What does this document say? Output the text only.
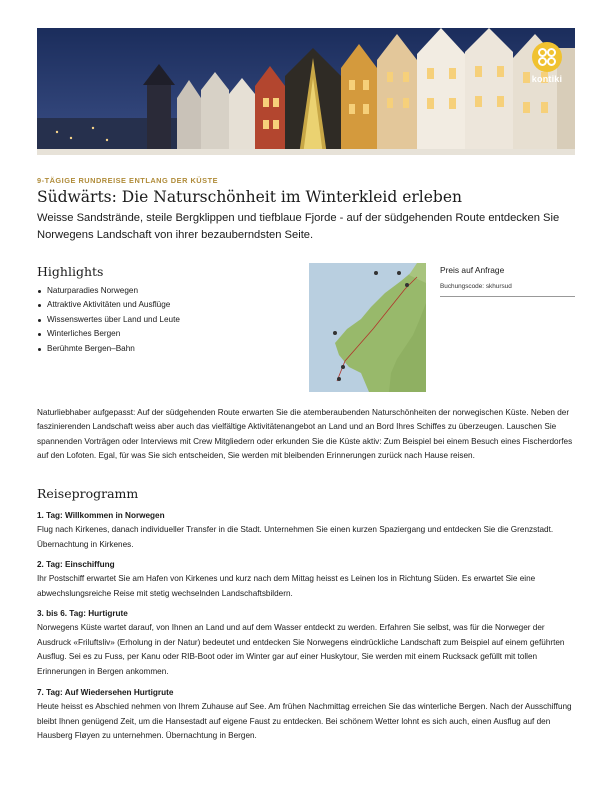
kontiki
9-TÄGIGE RUNDREISE ENTLANG DER KÜSTE
Südwärts: Die Naturschönheit im Winterkleid erleben

Weisse Sandstrände, steile Bergklippen und tiefblaue Fjorde - auf der südgehenden Route entdecken Sie Norwegens Landschaft von ihrer bezauberndsten Seite.

Highlights
Naturparadies Norwegen
Attraktive Aktivitäten und Ausflüge
Wissenswertes über Land und Leute
Winterliches Bergen
Berühmte Bergen–Bahn
Preis auf Anfrage
Buchungscode: skhursud

Naturliebhaber aufgepasst: Auf der südgehenden Route erwarten Sie die atemberaubenden Naturschönheiten der norwegischen Küste. Neben der faszinierenden Landschaft weiss aber auch das vielfältige Aktivitätenangebot an Land und an Bord Ihres Schiffes zu überzeugen. Lauschen Sie spannenden Vorträgen oder Interviews mit Crew Mitgliedern oder erkunden Sie die Küste aktiv: Zum Beispiel bei einem Besuch eines Fischerdorfes auf den Lofoten. Egal, für was Sie sich entscheiden, Sie werden mit bleibenden Erinnerungen zurück nach Hause reisen.

Reiseprogramm
1. Tag: Willkommen in Norwegen

Flug nach Kirkenes, danach individueller Transfer in die Stadt. Unternehmen Sie einen kurzen Spaziergang und entdecken Sie die Grenzstadt. Übernachtung in Kirkenes.

2. Tag: Einschiffung

Ihr Postschiff erwartet Sie am Hafen von Kirkenes und kurz nach dem Mittag heisst es Leinen los in Richtung Süden. Es erwartet Sie eine abwechslungsreiche Reise mit stetig wechselnden Landschaftsbildern.

3. bis 6. Tag: Hurtigrute

Norwegens Küste wartet darauf, von Ihnen an Land und auf dem Wasser entdeckt zu werden. Erfahren Sie selbst, was für die Norweger der Ausdruck «Friluftsliv» (Erholung in der Natur) bedeutet und entdecken Sie Norwegens eindrückliche Landschaft zum Beispiel auf einem geführten Ausflug. Sei es zu Fuss, per Kanu oder RIB-Boot oder im Winter gar auf einer Huskytour, Sie werden mit einem Rucksack gefüllt mit tollen Erinnerungen in Bergen ankommen.

7. Tag: Auf Wiedersehen Hurtigrute

Heute heisst es Abschied nehmen von Ihrem Zuhause auf See. Am frühen Nachmittag erreichen Sie das winterliche Bergen. Nach der Ausschiffung bleibt Ihnen genügend Zeit, um die Hansestadt auf eigene Faust zu entdecken. Bei schönem Wetter lohnt es sich auch, einen Ausflug auf den Hausberg Fløyen zu unternehmen. Übernachtung in Bergen.
